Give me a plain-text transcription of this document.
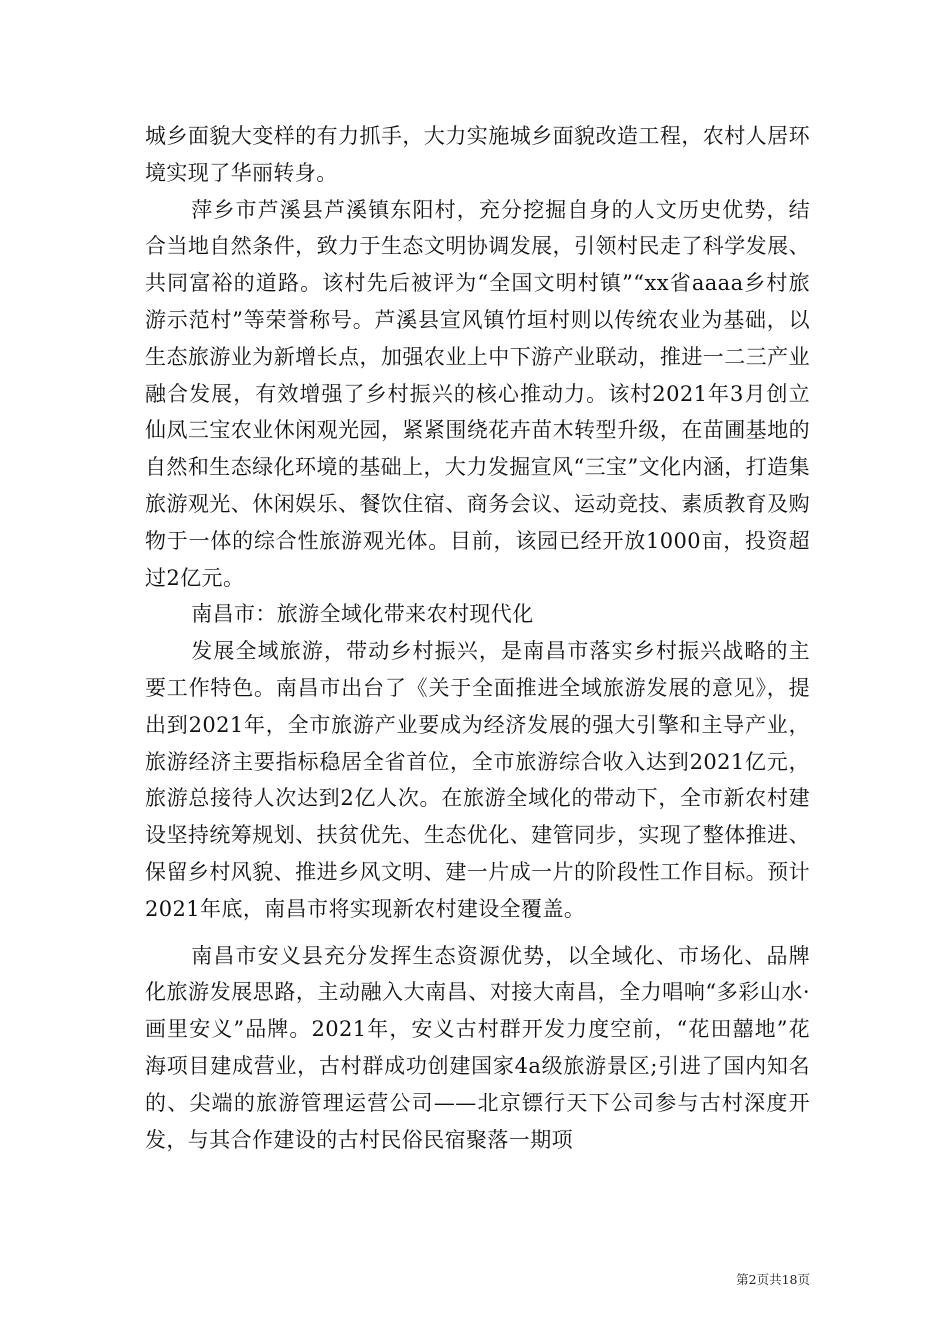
城乡面貌大变样的有力抓手，大力实施城乡面貌改造工程，农村人居环境实现了华丽转身。

萍乡市芦溪县芦溪镇东阳村，充分挖掘自身的人文历史优势，结合当地自然条件，致力于生态文明协调发展，引领村民走了科学发展、共同富裕的道路。该村先后被评为“全国文明村镇”“xx省aaaa乡村旅游示范村”等荣誉称号。芦溪县宣风镇竹垣村则以传统农业为基础，以生态旅游业为新增长点，加强农业上中下游产业联动，推进一二三产业融合发展，有效增强了乡村振兴的核心推动力。该村2021年3月创立仙凤三宝农业休闲观光园，紧紧围绕花卉苗木转型升级，在苗圃基地的自然和生态绿化环境的基础上，大力发掘宣风“三宝”文化内涵，打造集旅游观光、休闲娱乐、餐饮住宿、商务会议、运动竞技、素质教育及购物于一体的综合性旅游观光体。目前，该园已经开放1000亩，投资超过2亿元。

南昌市：旅游全域化带来农村现代化

发展全域旅游，带动乡村振兴，是南昌市落实乡村振兴战略的主要工作特色。南昌市出台了《关于全面推进全域旅游发展的意见》，提出到2021年，全市旅游产业要成为经济发展的强大引擎和主导产业，旅游经济主要指标稳居全省首位，全市旅游综合收入达到2021亿元，旅游总接待人次达到2亿人次。在旅游全域化的带动下，全市新农村建设坚持统筹规划、扶贫优先、生态优化、建管同步，实现了整体推进、保留乡村风貌、推进乡风文明、建一片成一片的阶段性工作目标。预计2021年底，南昌市将实现新农村建设全覆盖。

南昌市安义县充分发挥生态资源优势，以全域化、市场化、品牌化旅游发展思路，主动融入大南昌、对接大南昌，全力唱响“多彩山水·画里安义”品牌。2021年，安义古村群开发力度空前，“花田囍地”花海项目建成营业，古村群成功创建国家4a级旅游景区;引进了国内知名的、尖端的旅游管理运营公司——北京镖行天下公司参与古村深度开发，与其合作建设的古村民俗民宿聚落一期项

第2页共18页
